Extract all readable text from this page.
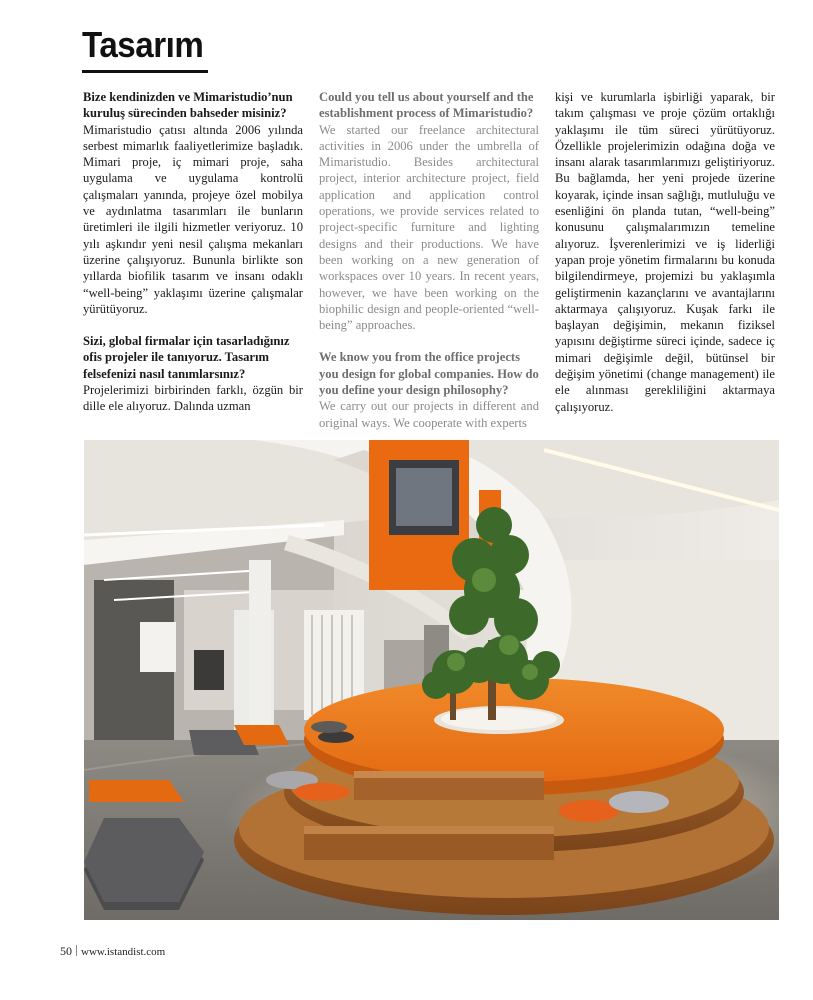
Tasarım

Bize kendinizden ve Mimaristudio’nun kuruluş sürecinden bahseder misiniz?

Mimaristudio çatısı altında 2006 yılında serbest mimarlık faaliyetlerimize başladık. Mimari proje, iç mimari proje, saha uygulama ve uygulama kontrolü çalışmaları yanında, projeye özel mobilya ve aydınlatma tasarımları ile bunların üretimleri ile ilgili hizmetler veriyoruz. 10 yılı aşkındır yeni nesil çalışma mekanları üzerine çalışıyoruz. Bununla birlikte son yıllarda biofilik tasarım ve insanı odaklı “well-being” yaklaşımı üzerine çalışmalar yürütüyoruz.

Sizi, global firmalar için tasarladığınız ofis projeler ile tanıyoruz. Tasarım felsefenizi nasıl tanımlarsınız?

Projelerimizi birbirinden farklı, özgün bir dille ele alıyoruz. Dalında uzman

Could you tell us about yourself and the establishment process of Mimaristudio?

We started our freelance architectural activities in 2006 under the umbrella of Mimaristudio. Besides architectural project, interior architecture project, field application and application control operations, we provide services related to project-specific furniture and lighting designs and their productions. We have been working on a new generation of workspaces over 10 years. In recent years, however, we have been working on the biophilic design and people-oriented “well-being” approaches.

We know you from the office projects you design for global companies. How do you define your design philosophy?

We carry out our projects in different and original ways. We cooperate with experts

kişi ve kurumlarla işbirliği yaparak, bir takım çalışması ve proje çözüm ortaklığı yaklaşımı ile tüm süreci yürütüyoruz. Özellikle projelerimizin odağına doğa ve insanı alarak tasarımlarımızı geliştiriyoruz. Bu bağlamda, her yeni projede üzerine koyarak, içinde insan sağlığı, mutluluğu ve esenliğini ön planda tutan, “well-being” konusunu çalışmalarımızın temeline alıyoruz. İşverenlerimizi ve iş liderliği yapan proje yönetim firmalarını bu konuda bilgilendirmeye, projemizi bu yaklaşımla geliştirmenin kazançlarını ve avantajlarını aktarmaya çalışıyoruz. Kuşak farkı ile başlayan değişimin, mekanın fiziksel yapısını değiştirme süreci içinde, sadece iç mimari değişimle değil, bütünsel bir değişim yönetimi (change management) ile ele alınması gerekliliğini aktarmaya çalışıyoruz.

50 www.istandist.com
